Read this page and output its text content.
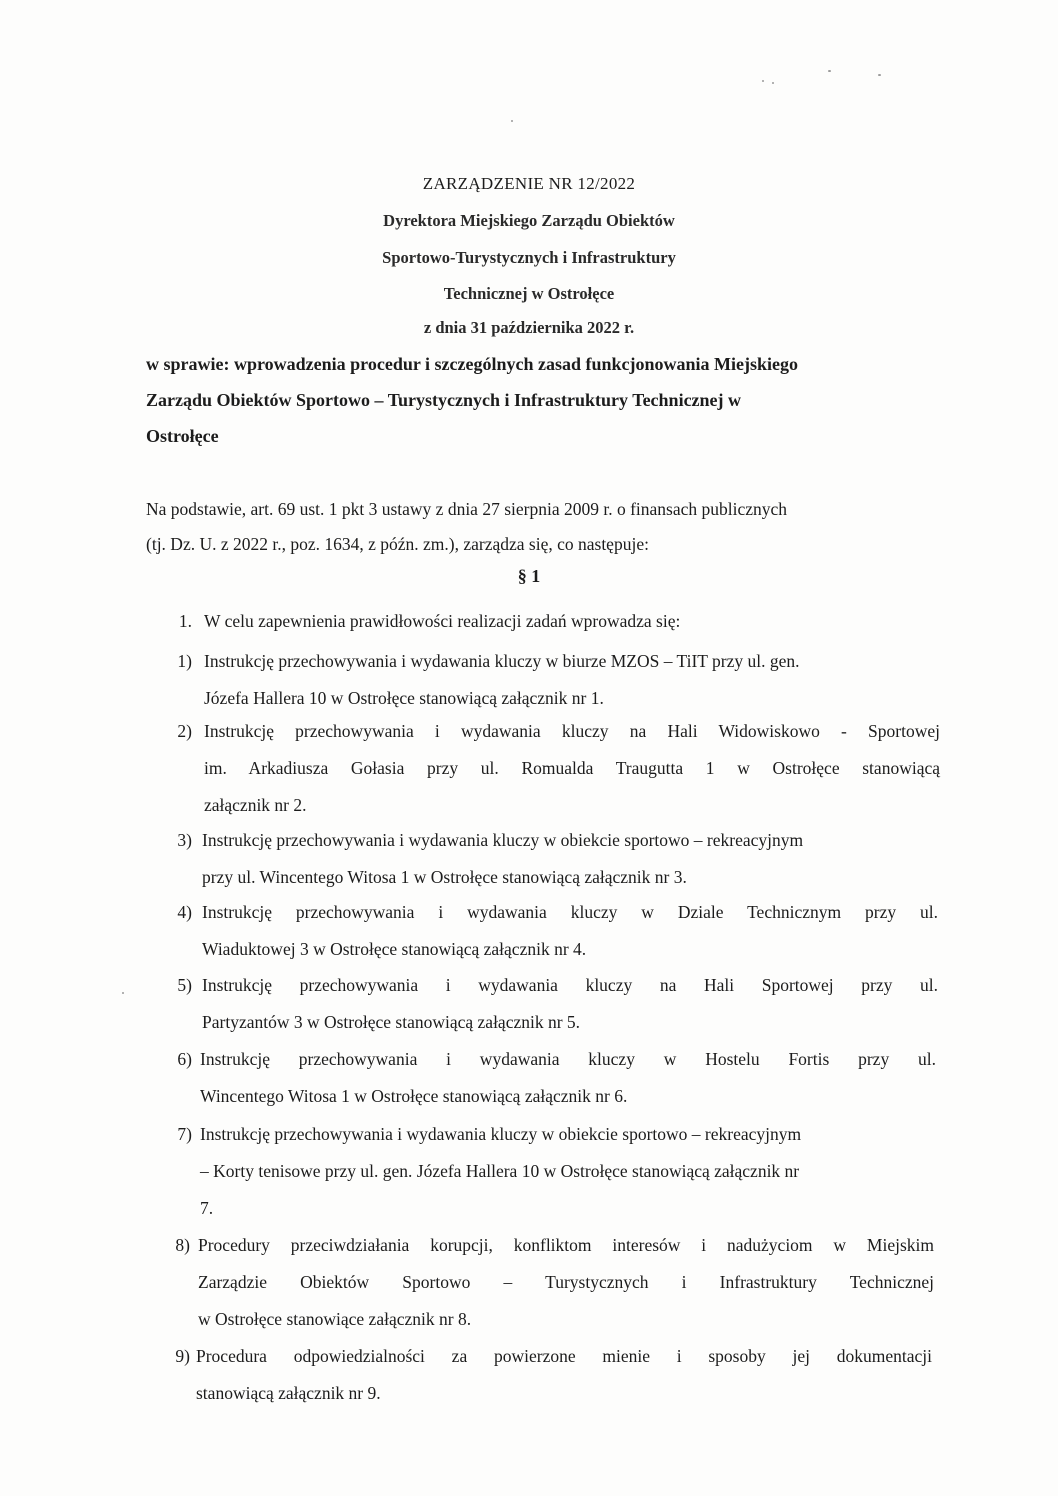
ZARZĄDZENIE NR 12/2022
Dyrektora Miejskiego Zarządu Obiektów
Sportowo-Turystycznych i Infrastruktury
Technicznej w Ostrołęce
z dnia 31 października 2022 r.
w sprawie: wprowadzenia procedur i szczególnych zasad funkcjonowania Miejskiego
Zarządu Obiektów Sportowo – Turystycznych i Infrastruktury Technicznej w
Ostrołęce
Na podstawie, art. 69 ust. 1 pkt 3 ustawy z dnia 27 sierpnia 2009 r. o finansach publicznych
(tj. Dz. U. z 2022 r., poz. 1634, z późn. zm.), zarządza się, co następuje:
§ 1
1. W celu zapewnienia prawidłowości realizacji zadań wprowadza się:
1) Instrukcję przechowywania i wydawania kluczy w biurze MZOS – TiIT przy ul. gen.
Józefa Hallera 10 w Ostrołęce stanowiącą załącznik nr 1.
2) Instrukcję przechowywania i wydawania kluczy na Hali Widowiskowo - Sportowej
im. Arkadiusza Gołasia przy ul. Romualda Traugutta 1 w Ostrołęce stanowiącą
załącznik nr 2.
3) Instrukcję przechowywania i wydawania kluczy w obiekcie sportowo – rekreacyjnym
przy ul. Wincentego Witosa 1 w Ostrołęce stanowiącą załącznik nr 3.
4) Instrukcję przechowywania i wydawania kluczy w Dziale Technicznym przy ul.
Wiaduktowej 3 w Ostrołęce stanowiącą załącznik nr 4.
5) Instrukcję przechowywania i wydawania kluczy na Hali Sportowej przy ul.
Partyzantów 3 w Ostrołęce stanowiącą załącznik nr 5.
6) Instrukcję przechowywania i wydawania kluczy w Hostelu Fortis przy ul.
Wincentego Witosa 1 w Ostrołęce stanowiącą załącznik nr 6.
7) Instrukcję przechowywania i wydawania kluczy w obiekcie sportowo – rekreacyjnym
– Korty tenisowe przy ul. gen. Józefa Hallera 10 w Ostrołęce stanowiącą załącznik nr
7.
8) Procedury przeciwdziałania korupcji, konfliktom interesów i nadużyciom w Miejskim
Zarządzie Obiektów Sportowo – Turystycznych i Infrastruktury Technicznej
w Ostrołęce stanowiące załącznik nr 8.
9) Procedura odpowiedzialności za powierzone mienie i sposoby jej dokumentacji
stanowiącą załącznik nr 9.
